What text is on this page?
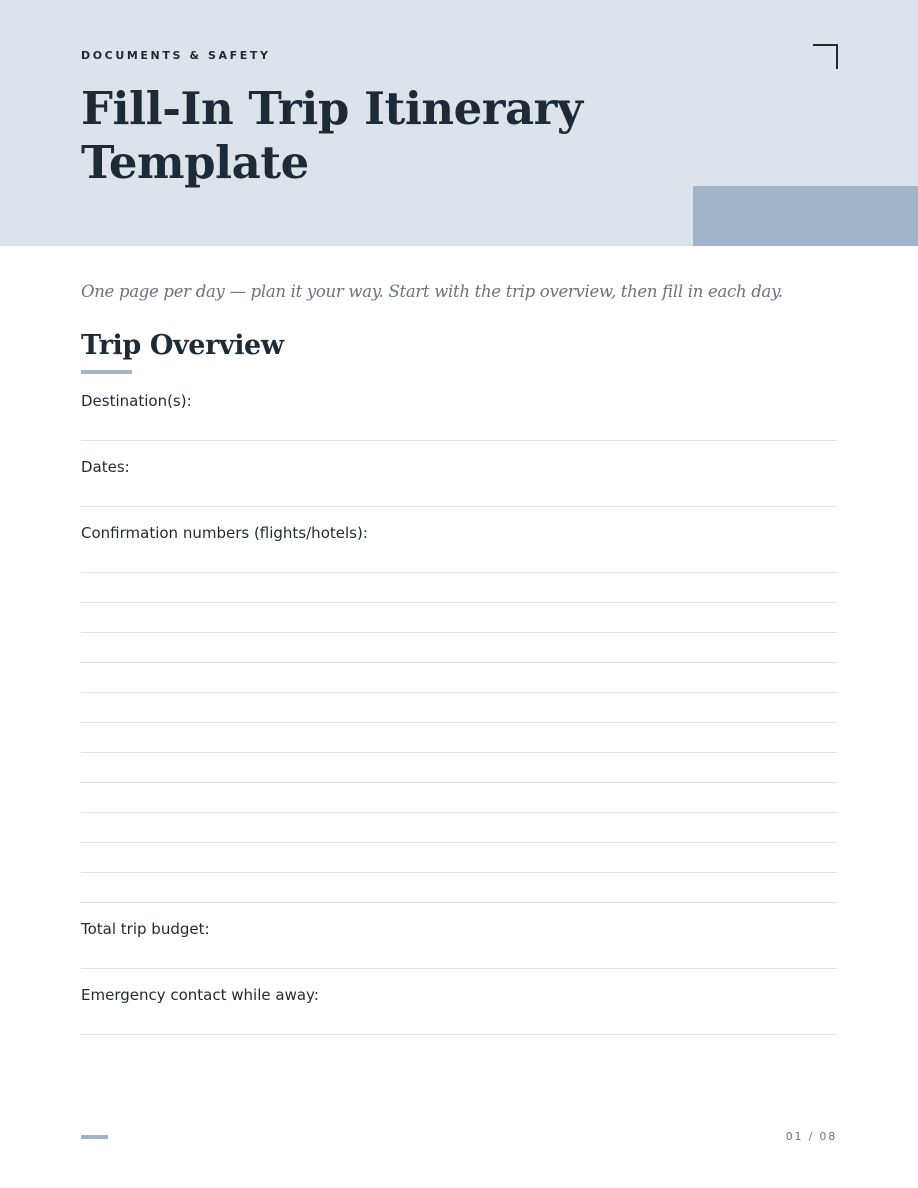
DOCUMENTS & SAFETY
Fill-In Trip Itinerary Template
One page per day — plan it your way. Start with the trip overview, then fill in each day.
Trip Overview
Destination(s):
Dates:
Confirmation numbers (flights/hotels):
Total trip budget:
Emergency contact while away:
01 / 08
